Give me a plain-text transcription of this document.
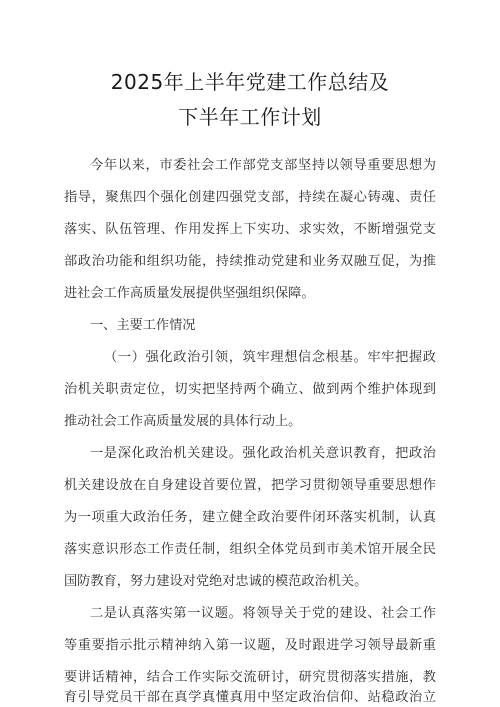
2025年上半年党建工作总结及
下半年工作计划
今年以来，市委社会工作部党支部坚持以领导重要思想为
指导，聚焦四个强化创建四强党支部，持续在凝心铸魂、责任
落实、队伍管理、作用发挥上下实功、求实效，不断增强党支
部政治功能和组织功能，持续推动党建和业务双融互促，为推
进社会工作高质量发展提供坚强组织保障。
一、主要工作情况
（一）强化政治引领，筑牢理想信念根基。牢牢把握政
治机关职责定位，切实把坚持两个确立、做到两个维护体现到
推动社会工作高质量发展的具体行动上。
一是深化政治机关建设。强化政治机关意识教育，把政治
机关建设放在自身建设首要位置，把学习贯彻领导重要思想作
为一项重大政治任务，建立健全政治要件闭环落实机制，认真
落实意识形态工作责任制，组织全体党员到市美术馆开展全民
国防教育，努力建设对党绝对忠诚的模范政治机关。
二是认真落实第一议题。将领导关于党的建设、社会工作
等重要指示批示精神纳入第一议题，及时跟进学习领导最新重
要讲话精神，结合工作实际交流研讨，研究贯彻落实措施，教
育引导党员干部在真学真懂真用中坚定政治信仰、站稳政治立
